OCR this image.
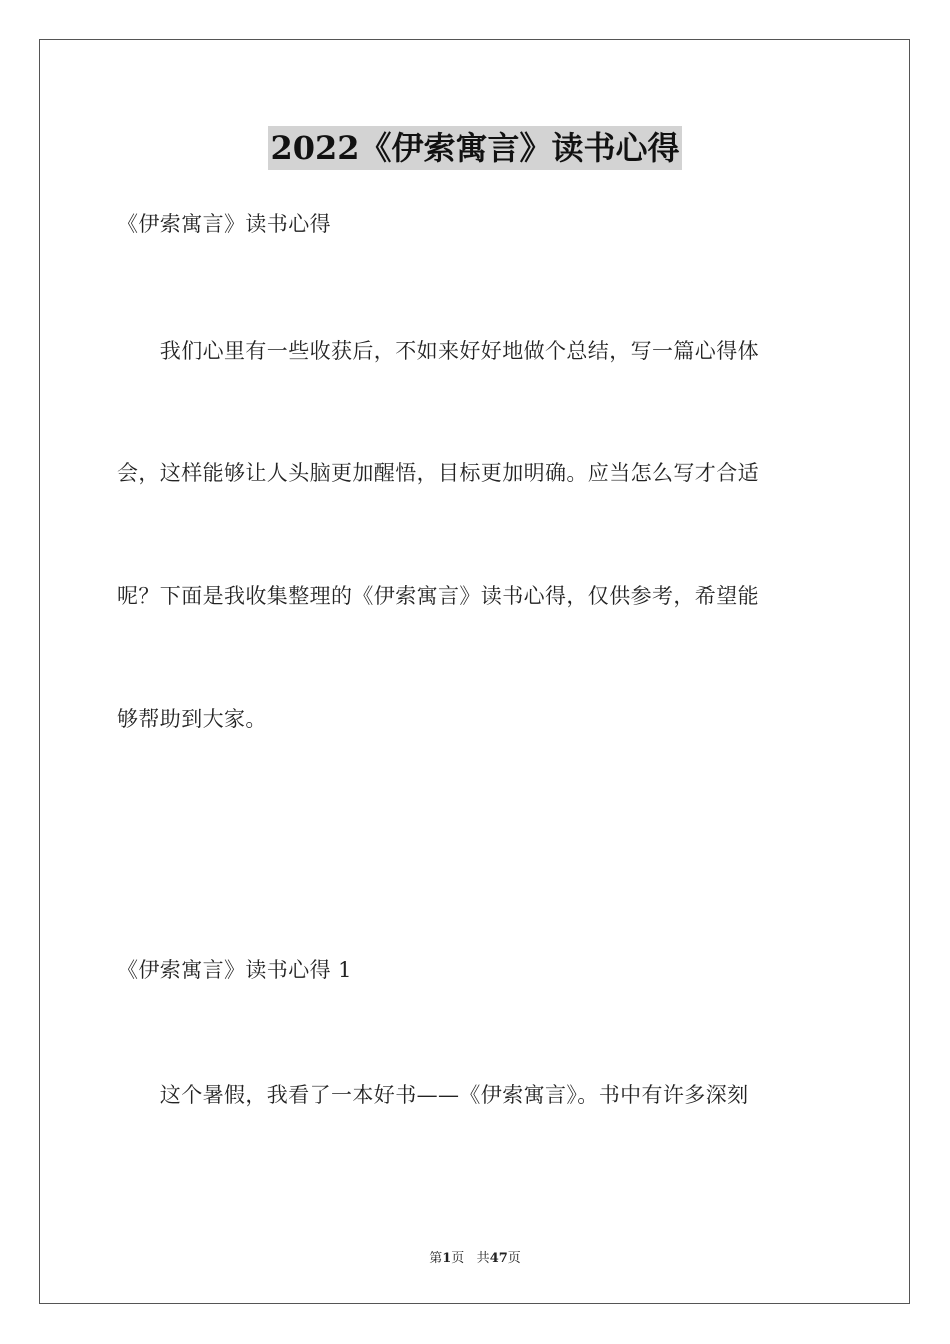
2022《伊索寓言》读书心得
《伊索寓言》读书心得
　　我们心里有一些收获后，不如来好好地做个总结，写一篇心得体
会，这样能够让人头脑更加醒悟，目标更加明确。应当怎么写才合适
呢？下面是我收集整理的《伊索寓言》读书心得，仅供参考，希望能
够帮助到大家。
《伊索寓言》读书心得 1
　　这个暑假，我看了一本好书——《伊索寓言》。书中有许多深刻
第1页 共47页
